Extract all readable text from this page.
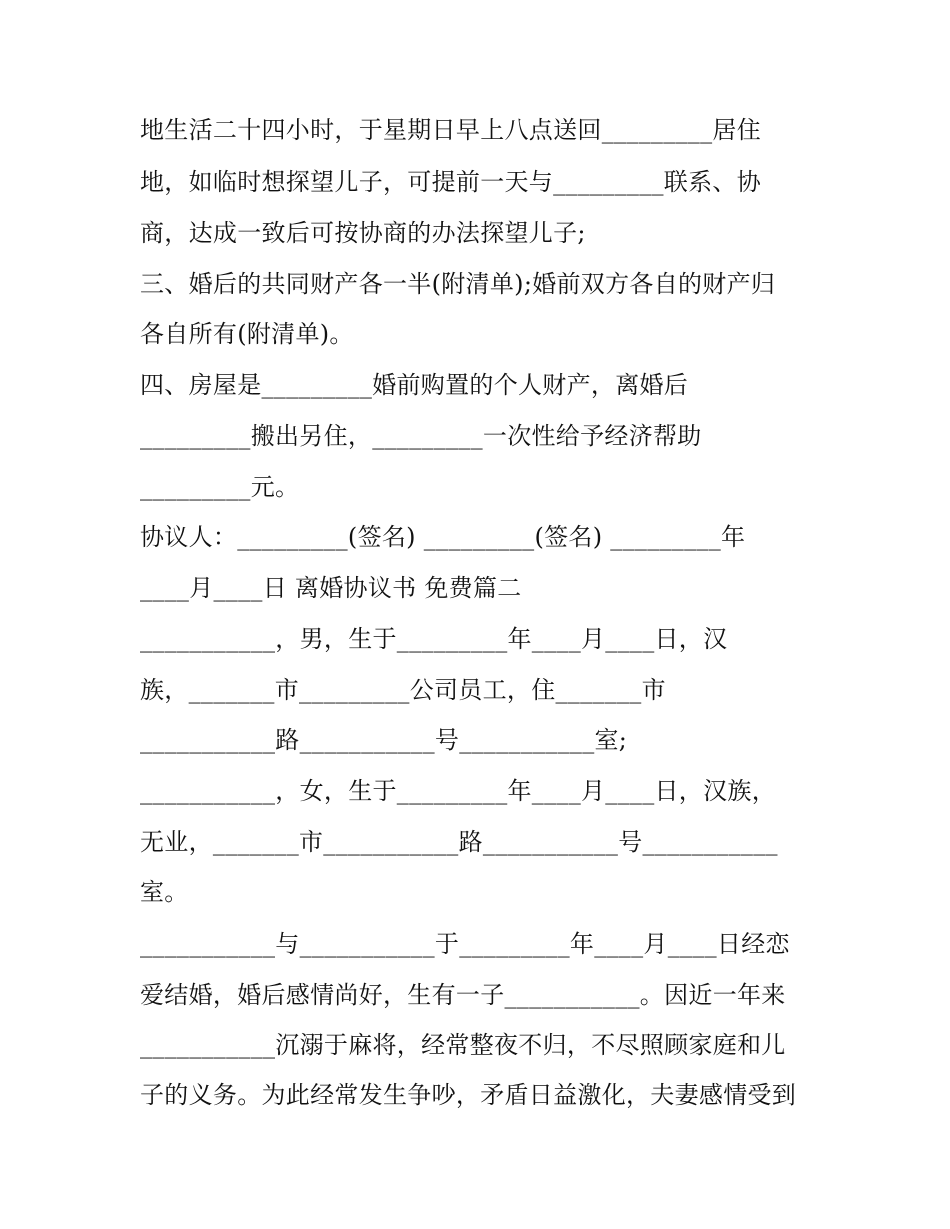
地生活二十四小时，于星期日早上八点送回_________居住
地，如临时想探望儿子，可提前一天与_________联系、协
商，达成一致后可按协商的办法探望儿子;
三、婚后的共同财产各一半(附清单);婚前双方各自的财产归
各自所有(附清单)。
四、房屋是_________婚前购置的个人财产，离婚后
_________搬出另住，_________一次性给予经济帮助
_________元。
协议人：_________(签名) _________(签名) _________年
____月____日 离婚协议书 免费篇二
___________，男，生于_________年____月____日，汉
族，_______市_________公司员工，住_______市
___________路___________号___________室;
___________，女，生于_________年____月____日，汉族，
无业，_______市___________路___________号___________
室。
___________与___________于_________年____月____日经恋
爱结婚，婚后感情尚好，生有一子___________。因近一年来
___________沉溺于麻将，经常整夜不归，不尽照顾家庭和儿
子的义务。为此经常发生争吵，矛盾日益激化，夫妻感情受到
